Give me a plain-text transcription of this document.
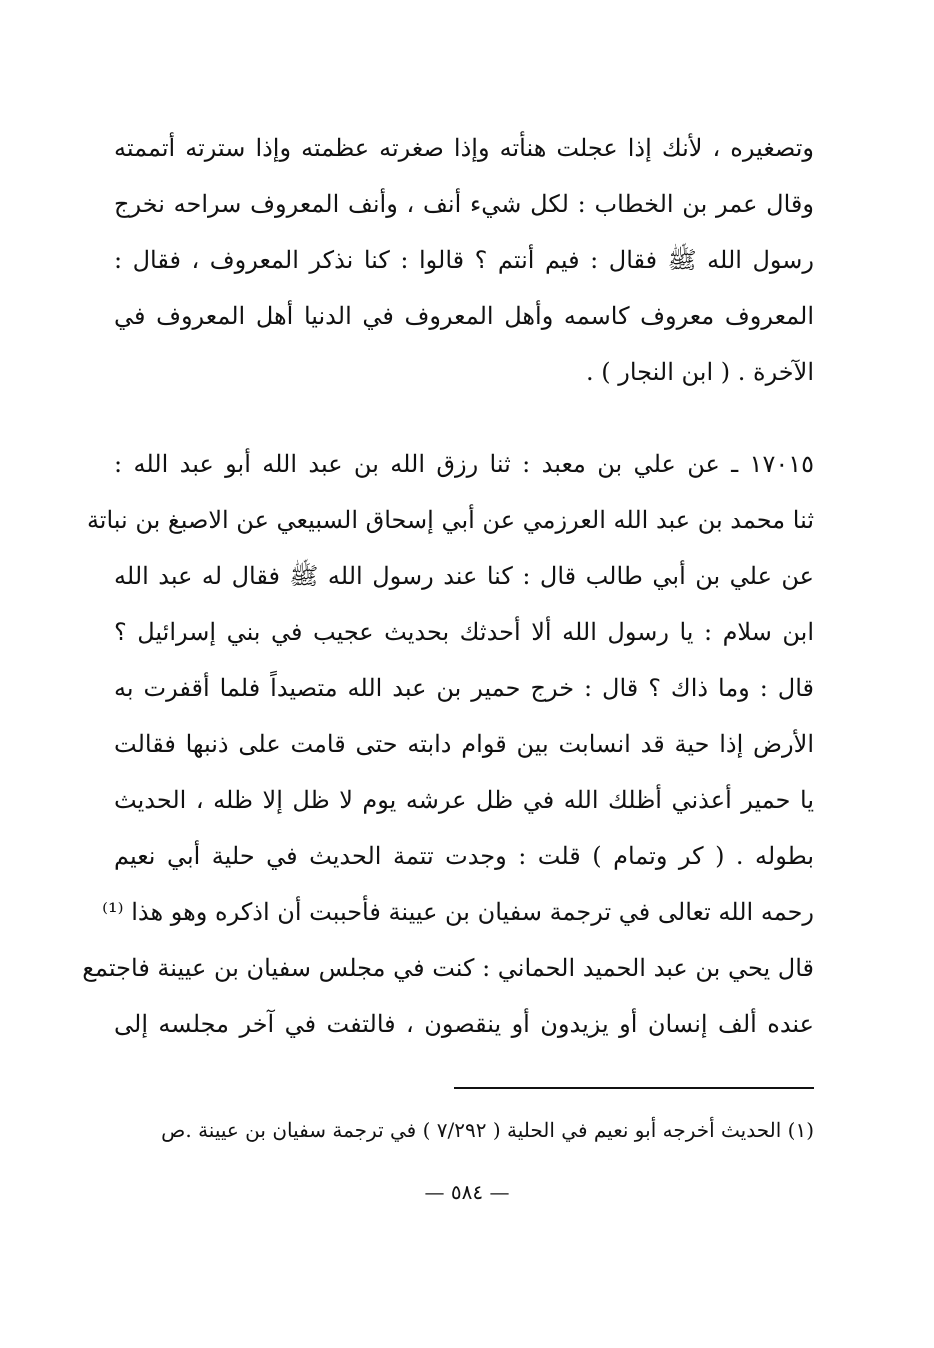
وتصغيره ، لأنك إذا عجلت هنأته وإذا صغرته عظمته وإذا سترته أتممته
وقال عمر بن الخطاب : لكل شيء أنف ، وأنف المعروف سراحه نخرج
رسول الله ﷺ فقال : فيم أنتم ؟ قالوا : كنا نذكر المعروف ، فقال :
المعروف معروف كاسمه وأهل المعروف في الدنيا أهل المعروف في
الآخرة . ( ابن النجار ) .
١٧٠١٥ ـ عن علي بن معبد : ثنا رزق الله بن عبد الله أبو عبد الله :
ثنا محمد بن عبد الله العرزمي عن أبي إسحاق السبيعي عن الاصبغ بن نباتة
عن علي بن أبي طالب قال : كنا عند رسول الله ﷺ فقال له عبد الله
ابن سلام : يا رسول الله ألا أحدثك بحديث عجيب في بني إسرائيل ؟
قال : وما ذاك ؟ قال : خرج حمير بن عبد الله متصيداً فلما أقفرت به
الأرض إذا حية قد انسابت بين قوام دابته حتى قامت على ذنبها فقالت
يا حمير أعذني أظلك الله في ظل عرشه يوم لا ظل إلا ظله ، الحديث
بطوله . ( كر وتمام ) قلت : وجدت تتمة الحديث في حلية أبي نعيم
رحمه الله تعالى في ترجمة سفيان بن عيينة فأحببت أن اذكره وهو هذا ⁽¹⁾
قال يحي بن عبد الحميد الحماني : كنت في مجلس سفيان بن عيينة فاجتمع
عنده ألف إنسان أو يزيدون أو ينقصون ، فالتفت في آخر مجلسه إلى
(١) الحديث أخرجه أبو نعيم في الحلية ( ٧/٢٩٢ ) في ترجمة سفيان بن عيينة .ص
— ٥٨٤ —
